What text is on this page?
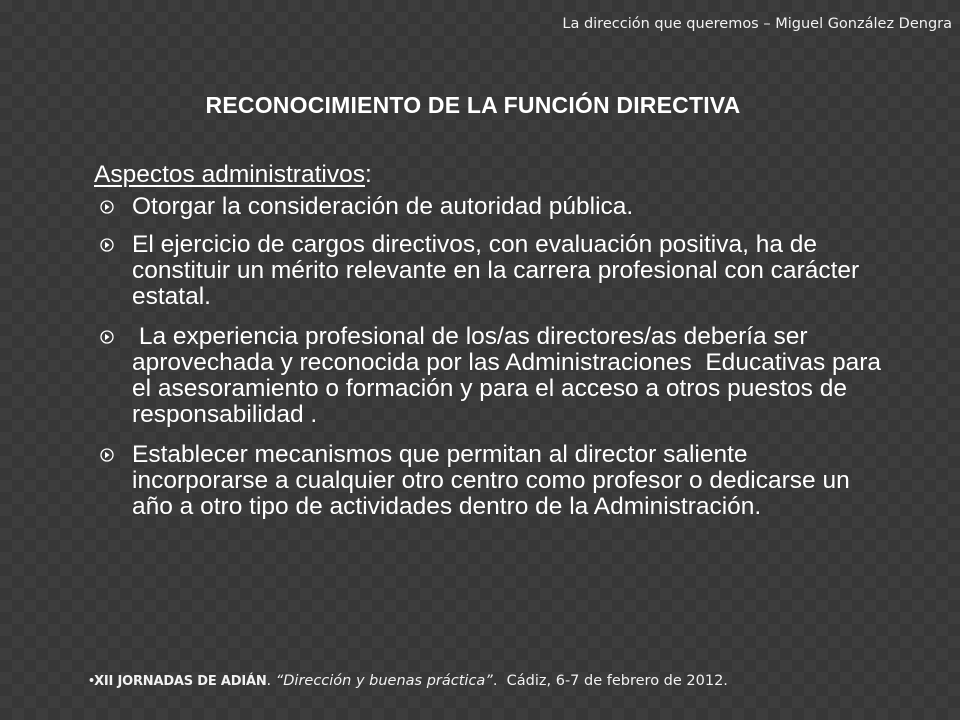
La dirección que queremos – Miguel González Dengra
RECONOCIMIENTO DE LA FUNCIÓN DIRECTIVA
Aspectos administrativos:
Otorgar la consideración de autoridad pública.
El ejercicio de cargos directivos, con evaluación positiva, ha de constituir un mérito relevante en la carrera profesional con carácter estatal.
La experiencia profesional de los/as directores/as debería ser  aprovechada y reconocida por las Administraciones  Educativas para el asesoramiento o formación y para el acceso a otros puestos de responsabilidad .
Establecer mecanismos que permitan al director saliente incorporarse a cualquier otro centro como profesor o dedicarse un año a otro tipo de actividades dentro de la Administración.
•XII JORNADAS DE ADIÁN. “Dirección y buenas práctica”.  Cádiz, 6-7 de febrero de 2012.
